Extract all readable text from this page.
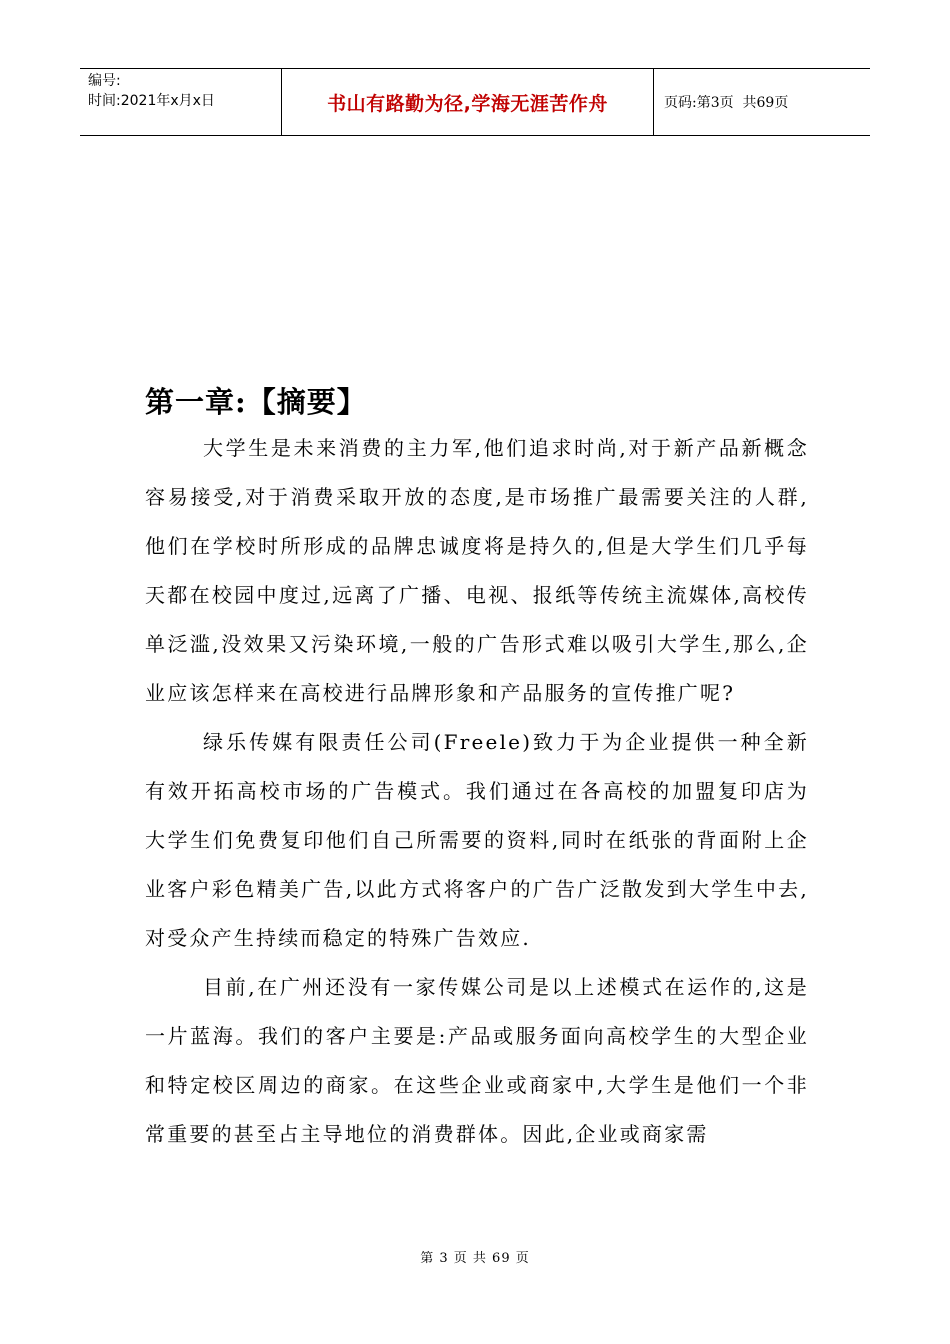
编号:
时间:2021年x月x日	书山有路勤为径,学海无涯苦作舟	页码:第3页  共69页
第一章:【摘要】

大学生是未来消费的主力军,他们追求时尚,对于新产品新概念容易接受,对于消费采取开放的态度,是市场推广最需要关注的人群,他们在学校时所形成的品牌忠诚度将是持久的,但是大学生们几乎每天都在校园中度过,远离了广播、电视、报纸等传统主流媒体,高校传单泛滥,没效果又污染环境,一般的广告形式难以吸引大学生,那么,企业应该怎样来在高校进行品牌形象和产品服务的宣传推广呢?

绿乐传媒有限责任公司(Freele)致力于为企业提供一种全新有效开拓高校市场的广告模式。我们通过在各高校的加盟复印店为大学生们免费复印他们自己所需要的资料,同时在纸张的背面附上企业客户彩色精美广告,以此方式将客户的广告广泛散发到大学生中去,对受众产生持续而稳定的特殊广告效应.

目前,在广州还没有一家传媒公司是以上述模式在运作的,这是一片蓝海。我们的客户主要是:产品或服务面向高校学生的大型企业和特定校区周边的商家。在这些企业或商家中,大学生是他们一个非常重要的甚至占主导地位的消费群体。因此,企业或商家需

第 3 页 共 69 页
